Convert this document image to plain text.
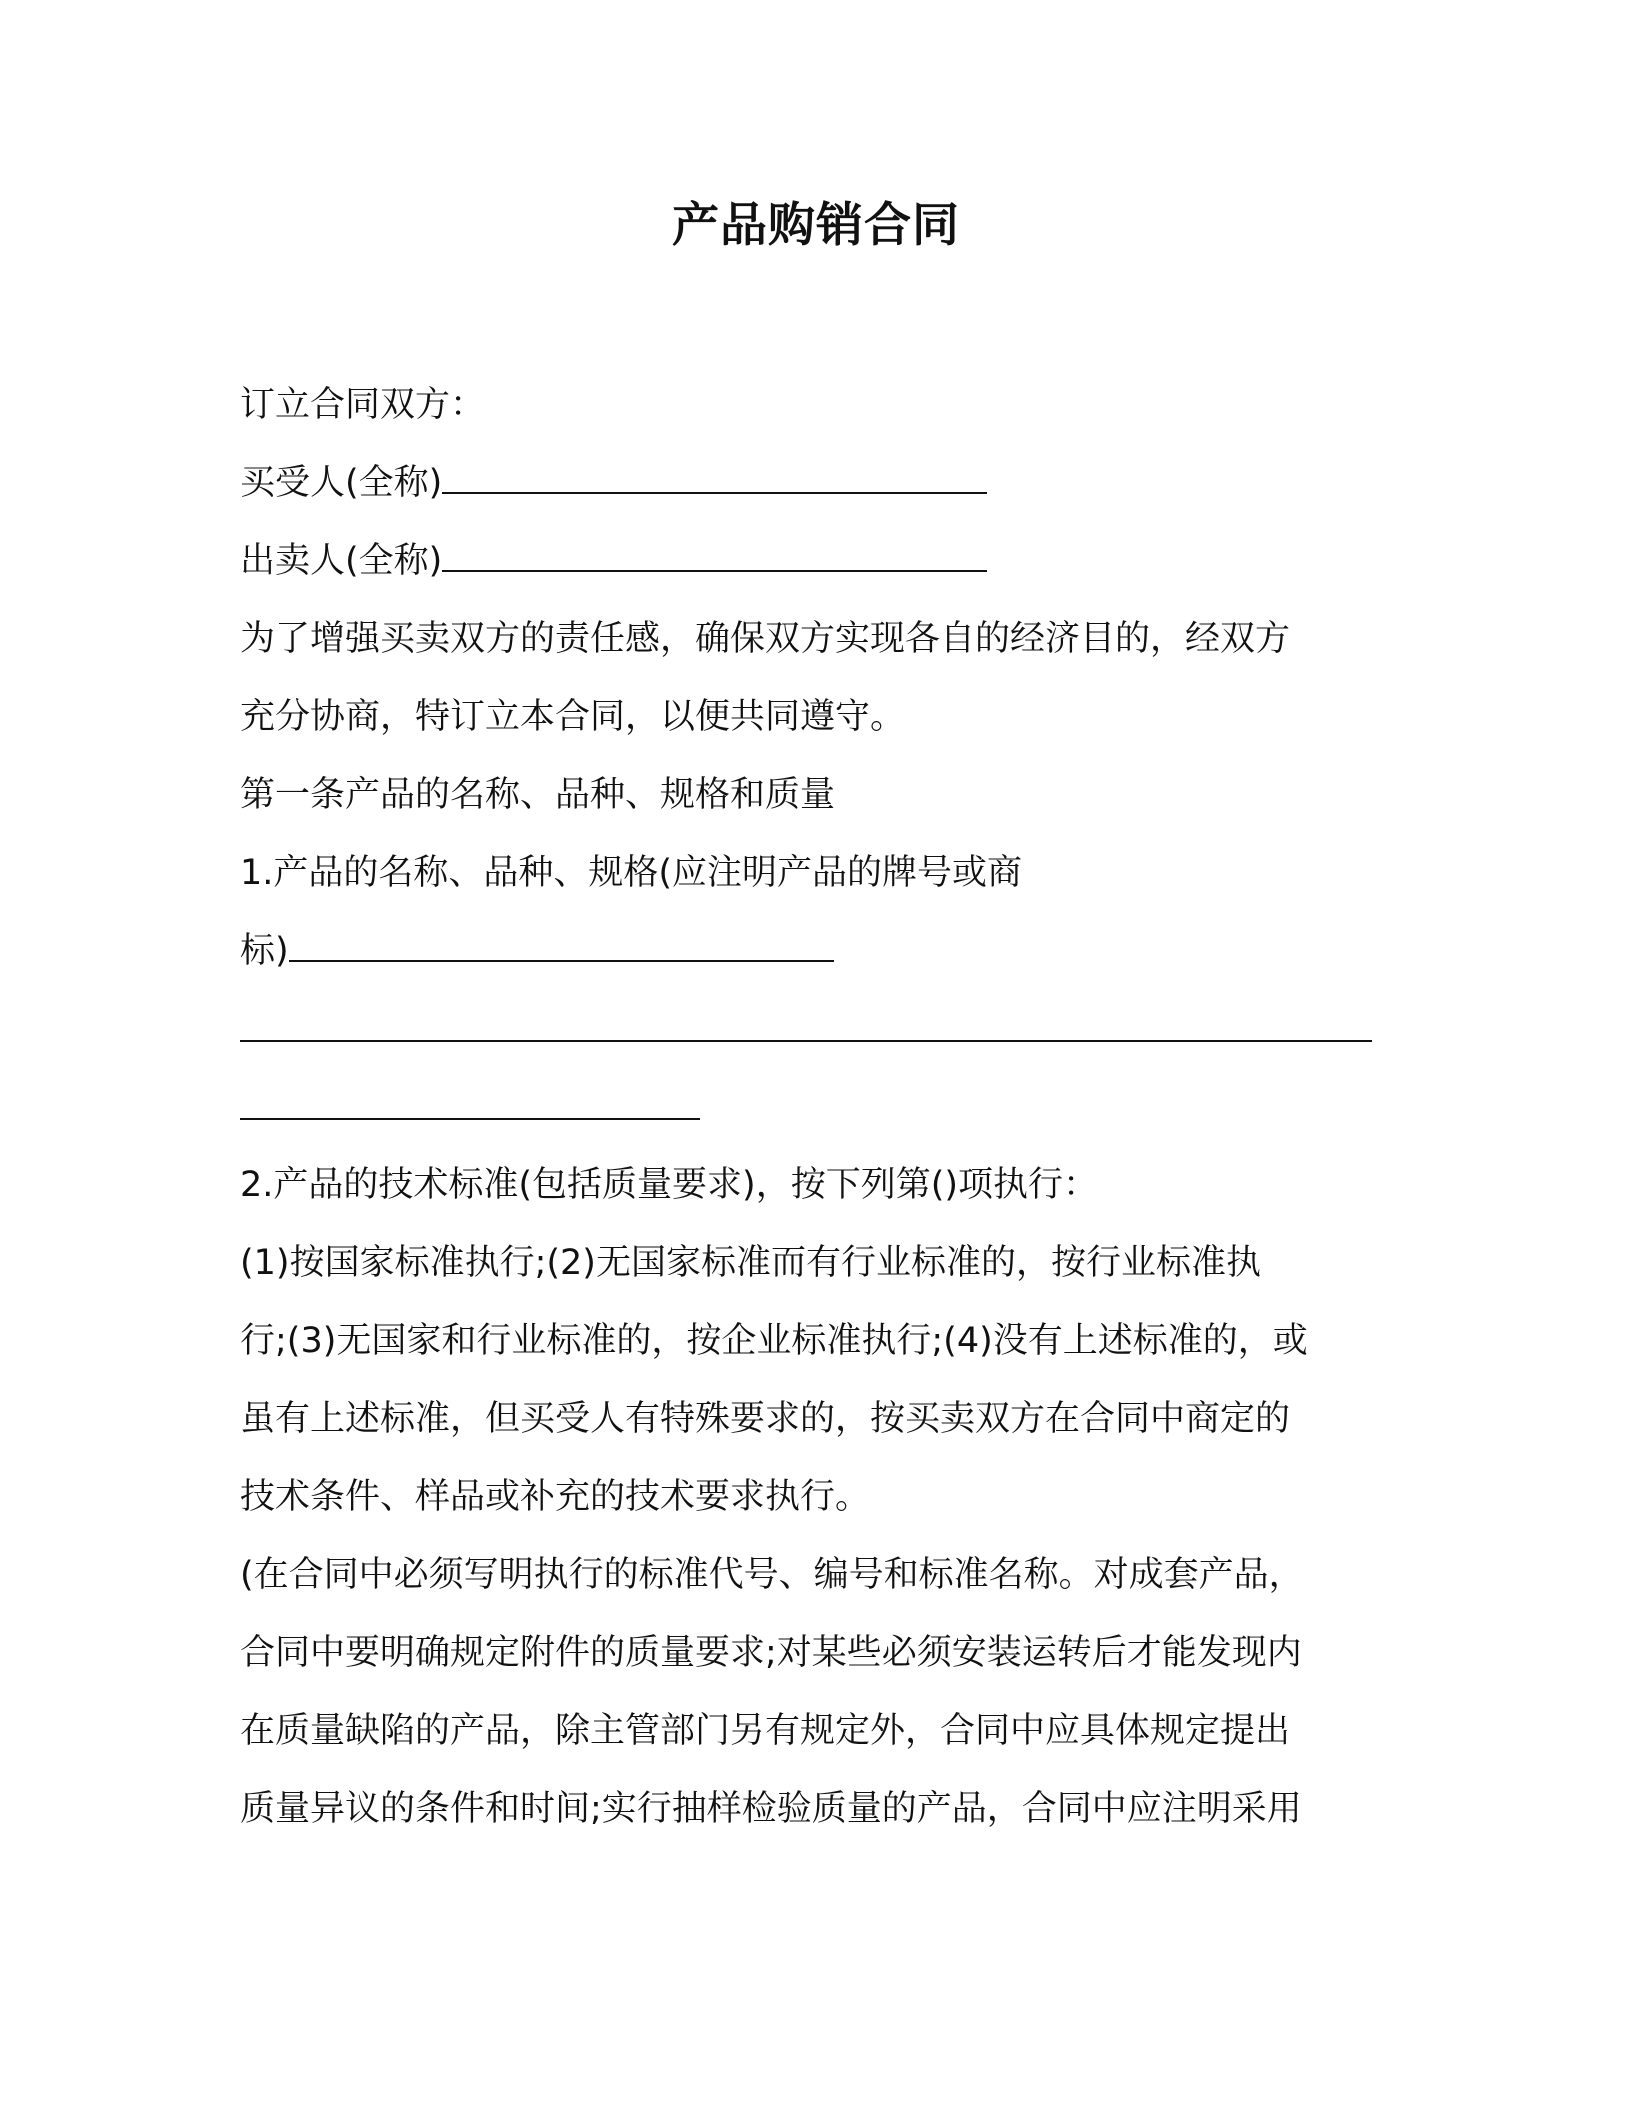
产品购销合同
订立合同双方：
买受人(全称)
出卖人(全称)
为了增强买卖双方的责任感，确保双方实现各自的经济目的，经双方
充分协商，特订立本合同，以便共同遵守。
第一条产品的名称、品种、规格和质量
1.产品的名称、品种、规格(应注明产品的牌号或商
标)
2.产品的技术标准(包括质量要求)，按下列第()项执行：
(1)按国家标准执行;(2)无国家标准而有行业标准的，按行业标准执
行;(3)无国家和行业标准的，按企业标准执行;(4)没有上述标准的，或
虽有上述标准，但买受人有特殊要求的，按买卖双方在合同中商定的
技术条件、样品或补充的技术要求执行。
(在合同中必须写明执行的标准代号、编号和标准名称。对成套产品，
合同中要明确规定附件的质量要求;对某些必须安装运转后才能发现内
在质量缺陷的产品，除主管部门另有规定外，合同中应具体规定提出
质量异议的条件和时间;实行抽样检验质量的产品，合同中应注明采用
